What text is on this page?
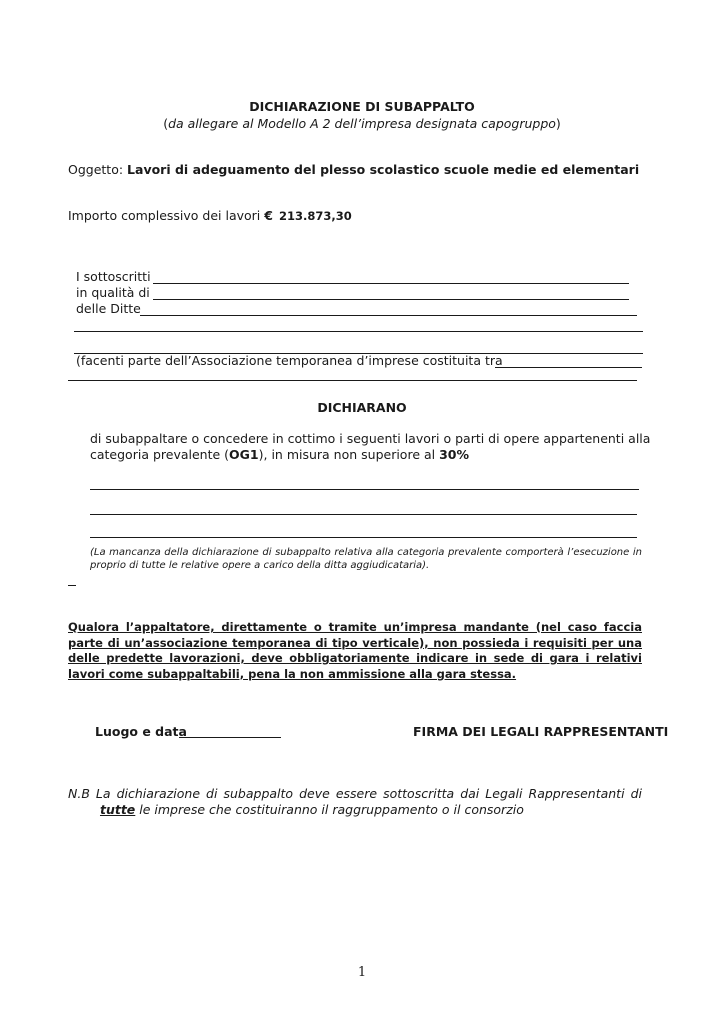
DICHIARAZIONE DI SUBAPPALTO
(da allegare al Modello A 2 dell’impresa designata capogruppo)
Oggetto: Lavori di adeguamento del plesso scolastico scuole medie ed elementari
Importo complessivo dei lavori € 213.873,30
I sottoscritti
in qualità di
delle Ditte
(facenti parte dell’Associazione temporanea d’imprese costituita tra
DICHIARANO
di subappaltare o concedere in cottimo i seguenti lavori o parti di opere appartenenti alla
categoria prevalente (OG1), in misura non superiore al 30%
(La mancanza della dichiarazione di subappalto relativa alla categoria prevalente comporterà l’esecuzione in proprio di tutte le relative opere a carico della ditta aggiudicataria).
Qualora l’appaltatore, direttamente o tramite un’impresa mandante (nel caso faccia parte di un’associazione temporanea di tipo verticale), non possieda i requisiti per una delle predette lavorazioni, deve obbligatoriamente indicare in sede di gara i relativi lavori come subappaltabili, pena la non ammissione alla gara stessa.
Luogo e data	FIRMA DEI LEGALI RAPPRESENTANTI
N.B La dichiarazione di subappalto deve essere sottoscritta dai Legali Rappresentanti di  tutte le imprese che costituiranno il raggruppamento o il consorzio
1
